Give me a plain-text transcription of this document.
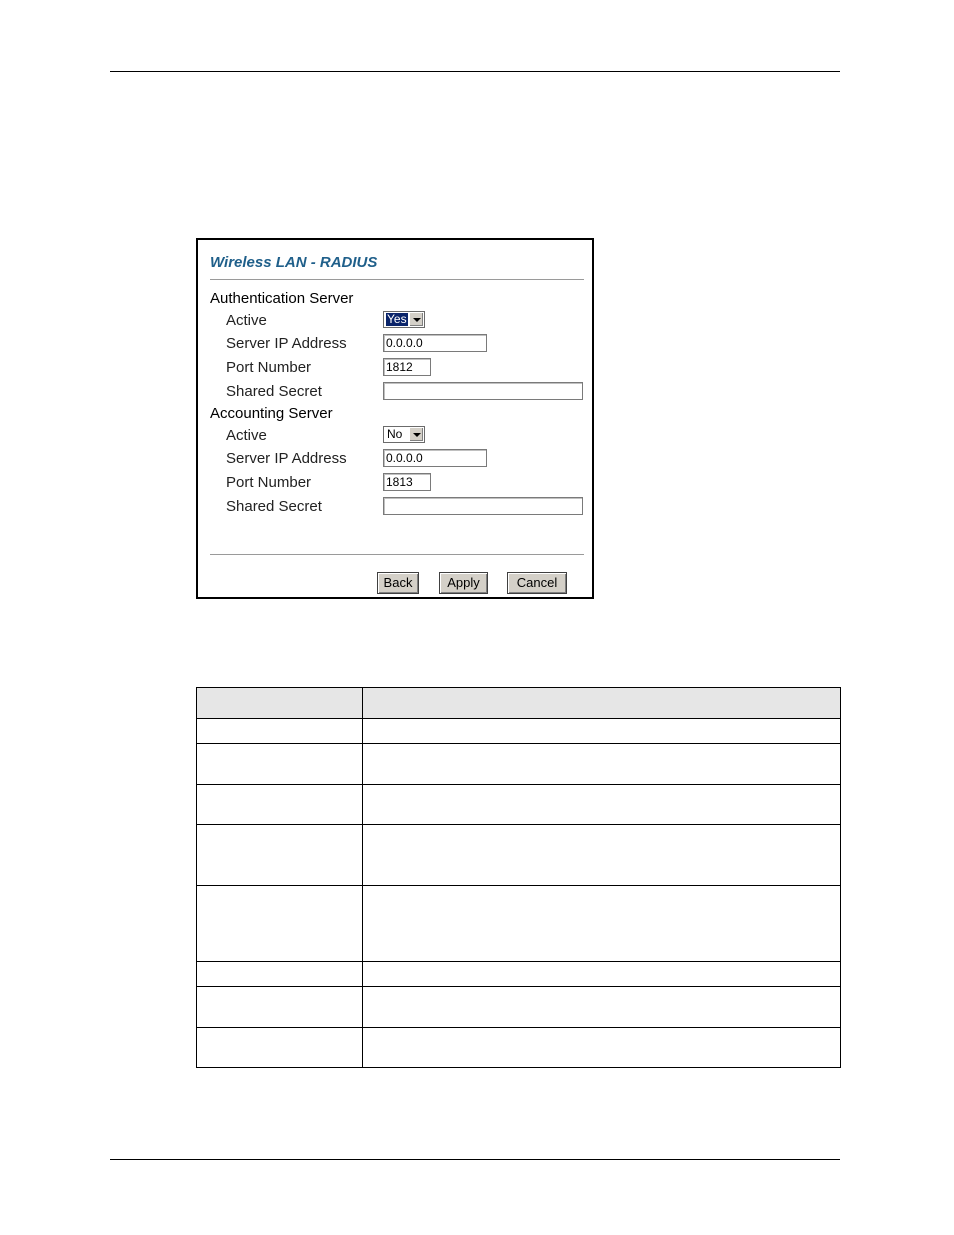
Wireless LAN - RADIUS
Authentication Server
Active	Yes
Server IP Address	0.0.0.0
Port Number	1812
Shared Secret
Accounting Server
Active	No
Server IP Address	0.0.0.0
Port Number	1813
Shared Secret
Back	Apply	Cancel
